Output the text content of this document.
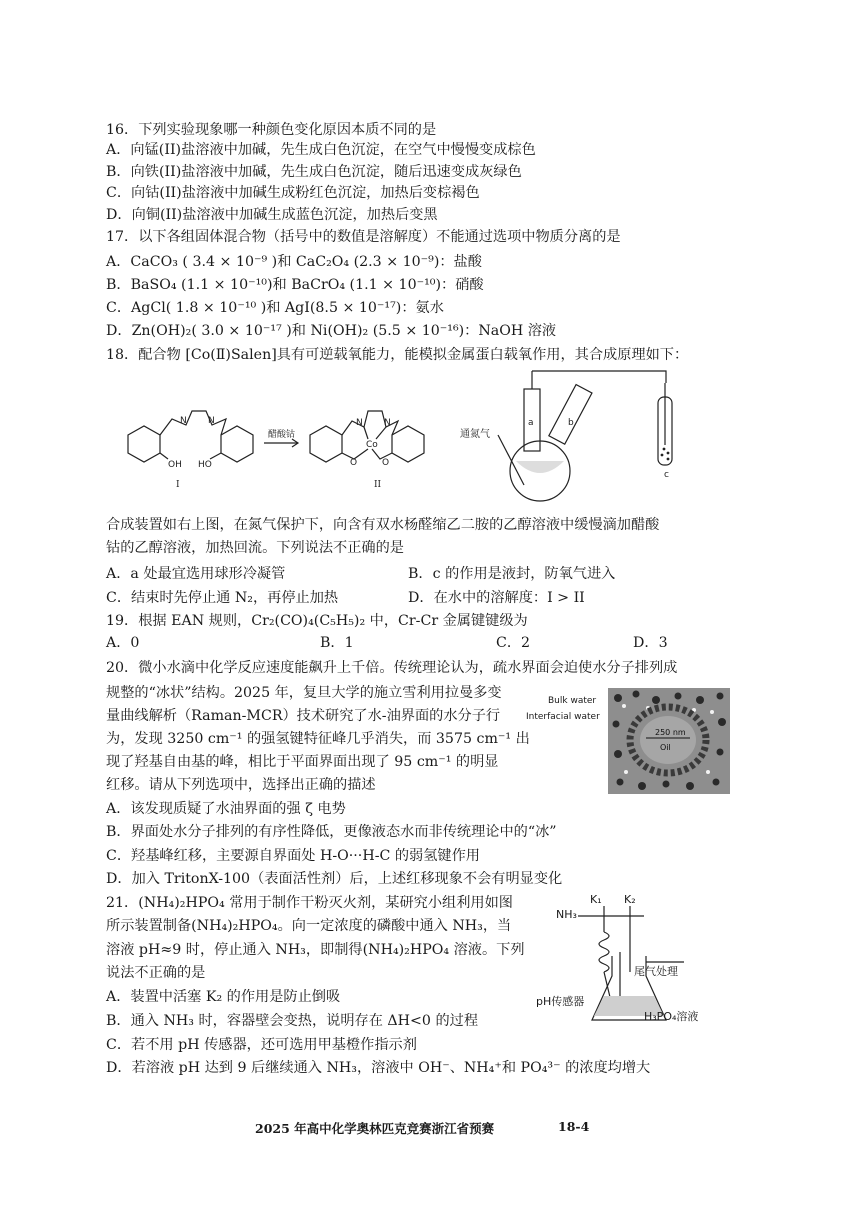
16．下列实验现象哪一种颜色变化原因本质不同的是
A．向锰(II)盐溶液中加碱，先生成白色沉淀，在空气中慢慢变成棕色
B．向铁(II)盐溶液中加碱，先生成白色沉淀，随后迅速变成灰绿色
C．向钴(II)盐溶液中加碱生成粉红色沉淀，加热后变棕褐色
D．向铜(II)盐溶液中加碱生成蓝色沉淀，加热后变黑
17．以下各组固体混合物（括号中的数值是溶解度）不能通过选项中物质分离的是
A．CaCO₃ ( 3.4 × 10⁻⁹ )和 CaC₂O₄ (2.3 × 10⁻⁹)：盐酸
B．BaSO₄ (1.1 × 10⁻¹⁰)和 BaCrO₄ (1.1 × 10⁻¹⁰)：硝酸
C．AgCl( 1.8 × 10⁻¹⁰ )和 AgI(8.5 × 10⁻¹⁷)：氨水
D．Zn(OH)₂( 3.0 × 10⁻¹⁷ )和 Ni(OH)₂ (5.5 × 10⁻¹⁶)：NaOH 溶液
18．配合物 [Co(Ⅱ)Salen]具有可逆载氧能力，能模拟金属蛋白载氧作用，其合成原理如下：
N N
OH HO
N N
Co
O	O
醋酸钴
I	II
a	b
c
通氮气
合成装置如右上图，在氮气保护下，向含有双水杨醛缩乙二胺的乙醇溶液中缓慢滴加醋酸
钴的乙醇溶液，加热回流。下列说法不正确的是
A．a 处最宜选用球形冷凝管	B．c 的作用是液封，防氧气进入
C．结束时先停止通 N₂，再停止加热	D．在水中的溶解度：I > II
19．根据 EAN 规则，Cr₂(CO)₄(C₅H₅)₂ 中，Cr-Cr 金属键键级为
A．0	B．1	C．2	D．3
20．微小水滴中化学反应速度能飙升上千倍。传统理论认为，疏水界面会迫使水分子排列成
规整的“冰状”结构。2025 年，复旦大学的施立雪利用拉曼多变
量曲线解析（Raman-MCR）技术研究了水-油界面的水分子行
为，发现 3250 cm⁻¹ 的强氢键特征峰几乎消失，而 3575 cm⁻¹ 出
现了羟基自由基的峰，相比于平面界面出现了 95 cm⁻¹ 的明显
红移。请从下列选项中，选择出正确的描述
250 nm
Oil
Bulk water
Interfacial water
A．该发现质疑了水油界面的强 ζ 电势
B．界面处水分子排列的有序性降低，更像液态水而非传统理论中的“冰”
C．羟基峰红移，主要源自界面处 H-O···H-C 的弱氢键作用
D．加入 TritonX-100（表面活性剂）后，上述红移现象不会有明显变化
21．(NH₄)₂HPO₄ 常用于制作干粉灭火剂，某研究小组利用如图
所示装置制备(NH₄)₂HPO₄。向一定浓度的磷酸中通入 NH₃，当
溶液 pH≈9 时，停止通入 NH₃，即制得(NH₄)₂HPO₄ 溶液。下列
说法不正确的是
K₁ K₂
NH₃
pH传感器
尾气处理
H₃PO₄溶液
A．装置中活塞 K₂ 的作用是防止倒吸
B．通入 NH₃ 时，容器壁会变热，说明存在 ΔH<0 的过程
C．若不用 pH 传感器，还可选用甲基橙作指示剂
D．若溶液 pH 达到 9 后继续通入 NH₃，溶液中 OH⁻、NH₄⁺和 PO₄³⁻ 的浓度均增大
2025 年高中化学奥林匹克竞赛浙江省预赛	18-4
